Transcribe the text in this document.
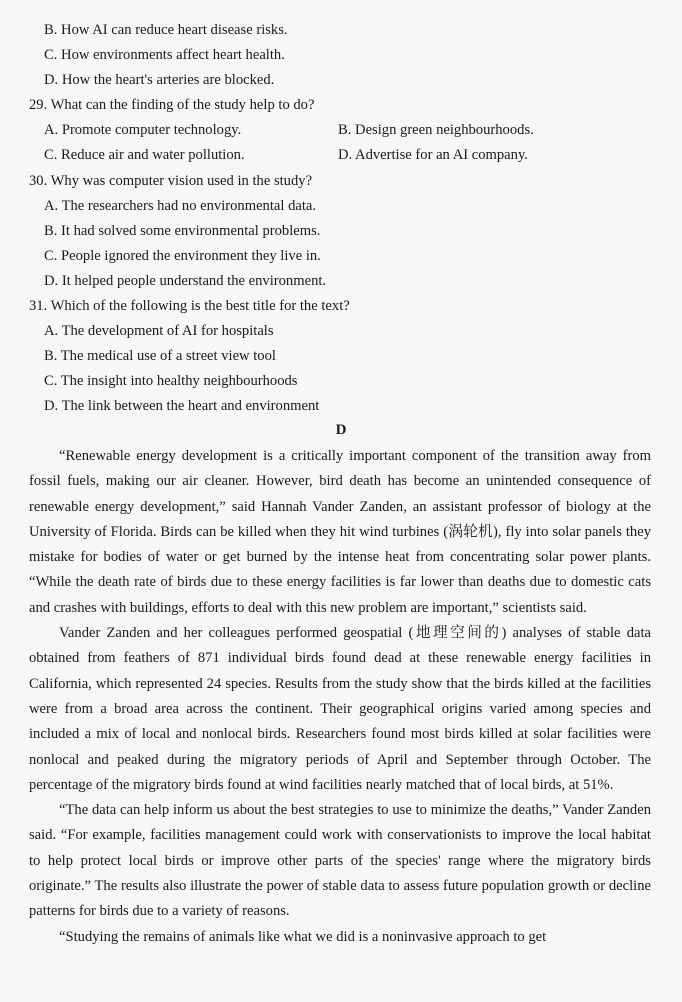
B. How AI can reduce heart disease risks.
C. How environments affect heart health.
D. How the heart's arteries are blocked.
29. What can the finding of the study help to do?
A. Promote computer technology.	B. Design green neighbourhoods.
C. Reduce air and water pollution.	D. Advertise for an AI company.
30. Why was computer vision used in the study?
A. The researchers had no environmental data.
B. It had solved some environmental problems.
C. People ignored the environment they live in.
D. It helped people understand the environment.
31. Which of the following is the best title for the text?
A. The development of AI for hospitals
B. The medical use of a street view tool
C. The insight into healthy neighbourhoods
D. The link between the heart and environment
D

“Renewable energy development is a critically important component of the transition away from fossil fuels, making our air cleaner. However, bird death has become an unintended consequence of renewable energy development,” said Hannah Vander Zanden, an assistant professor of biology at the University of Florida. Birds can be killed when they hit wind turbines (涡轮机), fly into solar panels they mistake for bodies of water or get burned by the intense heat from concentrating solar power plants. “While the death rate of birds due to these energy facilities is far lower than deaths due to domestic cats and crashes with buildings, efforts to deal with this new problem are important,” scientists said.

Vander Zanden and her colleagues performed geospatial (地理空间的) analyses of stable data obtained from feathers of 871 individual birds found dead at these renewable energy facilities in California, which represented 24 species. Results from the study show that the birds killed at the facilities were from a broad area across the continent. Their geographical origins varied among species and included a mix of local and nonlocal birds. Researchers found most birds killed at solar facilities were nonlocal and peaked during the migratory periods of April and September through October. The percentage of the migratory birds found at wind facilities nearly matched that of local birds, at 51%.

“The data can help inform us about the best strategies to use to minimize the deaths,” Vander Zanden said. “For example, facilities management could work with conservationists to improve the local habitat to help protect local birds or improve other parts of the species' range where the migratory birds originate.” The results also illustrate the power of stable data to assess future population growth or decline patterns for birds due to a variety of reasons.

“Studying the remains of animals like what we did is a noninvasive approach to get
